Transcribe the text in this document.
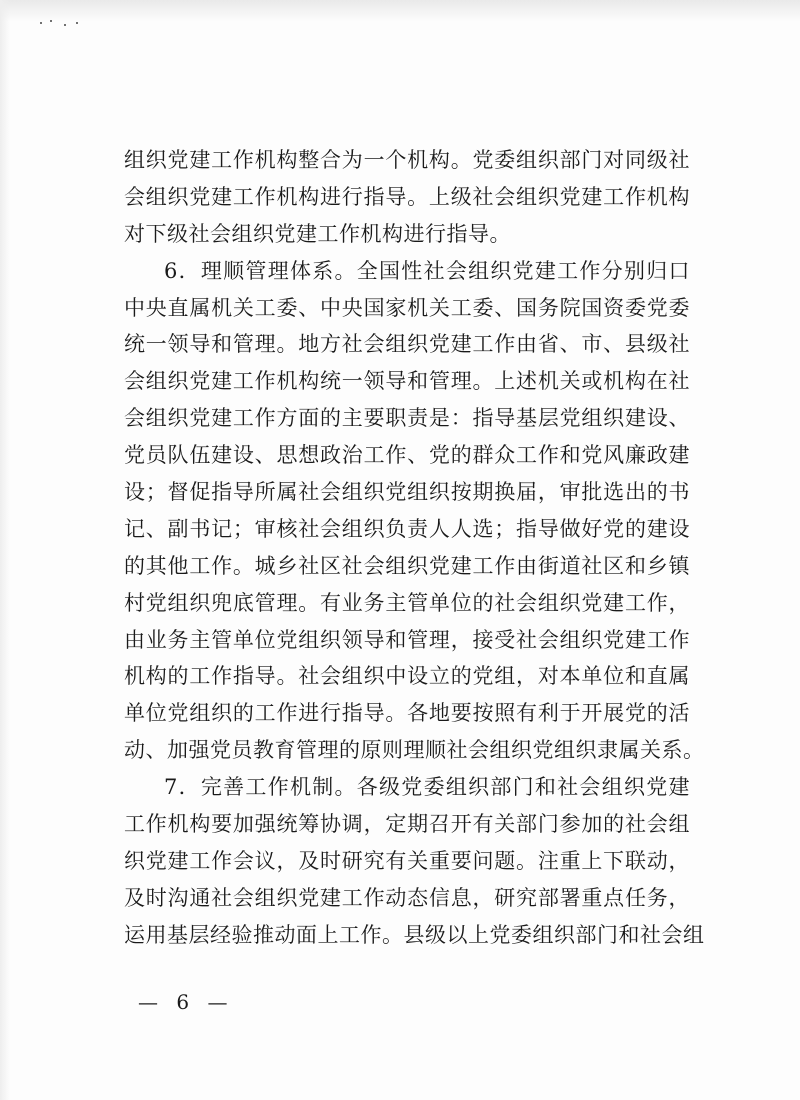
组织党建工作机构整合为一个机构。党委组织部门对同级社
会组织党建工作机构进行指导。上级社会组织党建工作机构
对下级社会组织党建工作机构进行指导。
6．理顺管理体系。全国性社会组织党建工作分别归口
中央直属机关工委、中央国家机关工委、国务院国资委党委
统一领导和管理。地方社会组织党建工作由省、市、县级社
会组织党建工作机构统一领导和管理。上述机关或机构在社
会组织党建工作方面的主要职责是：指导基层党组织建设、
党员队伍建设、思想政治工作、党的群众工作和党风廉政建
设；督促指导所属社会组织党组织按期换届，审批选出的书
记、副书记；审核社会组织负责人人选；指导做好党的建设
的其他工作。城乡社区社会组织党建工作由街道社区和乡镇
村党组织兜底管理。有业务主管单位的社会组织党建工作，
由业务主管单位党组织领导和管理，接受社会组织党建工作
机构的工作指导。社会组织中设立的党组，对本单位和直属
单位党组织的工作进行指导。各地要按照有利于开展党的活
动、加强党员教育管理的原则理顺社会组织党组织隶属关系。
7．完善工作机制。各级党委组织部门和社会组织党建
工作机构要加强统筹协调，定期召开有关部门参加的社会组
织党建工作会议，及时研究有关重要问题。注重上下联动，
及时沟通社会组织党建工作动态信息，研究部署重点任务，
运用基层经验推动面上工作。县级以上党委组织部门和社会组
— 6 —
